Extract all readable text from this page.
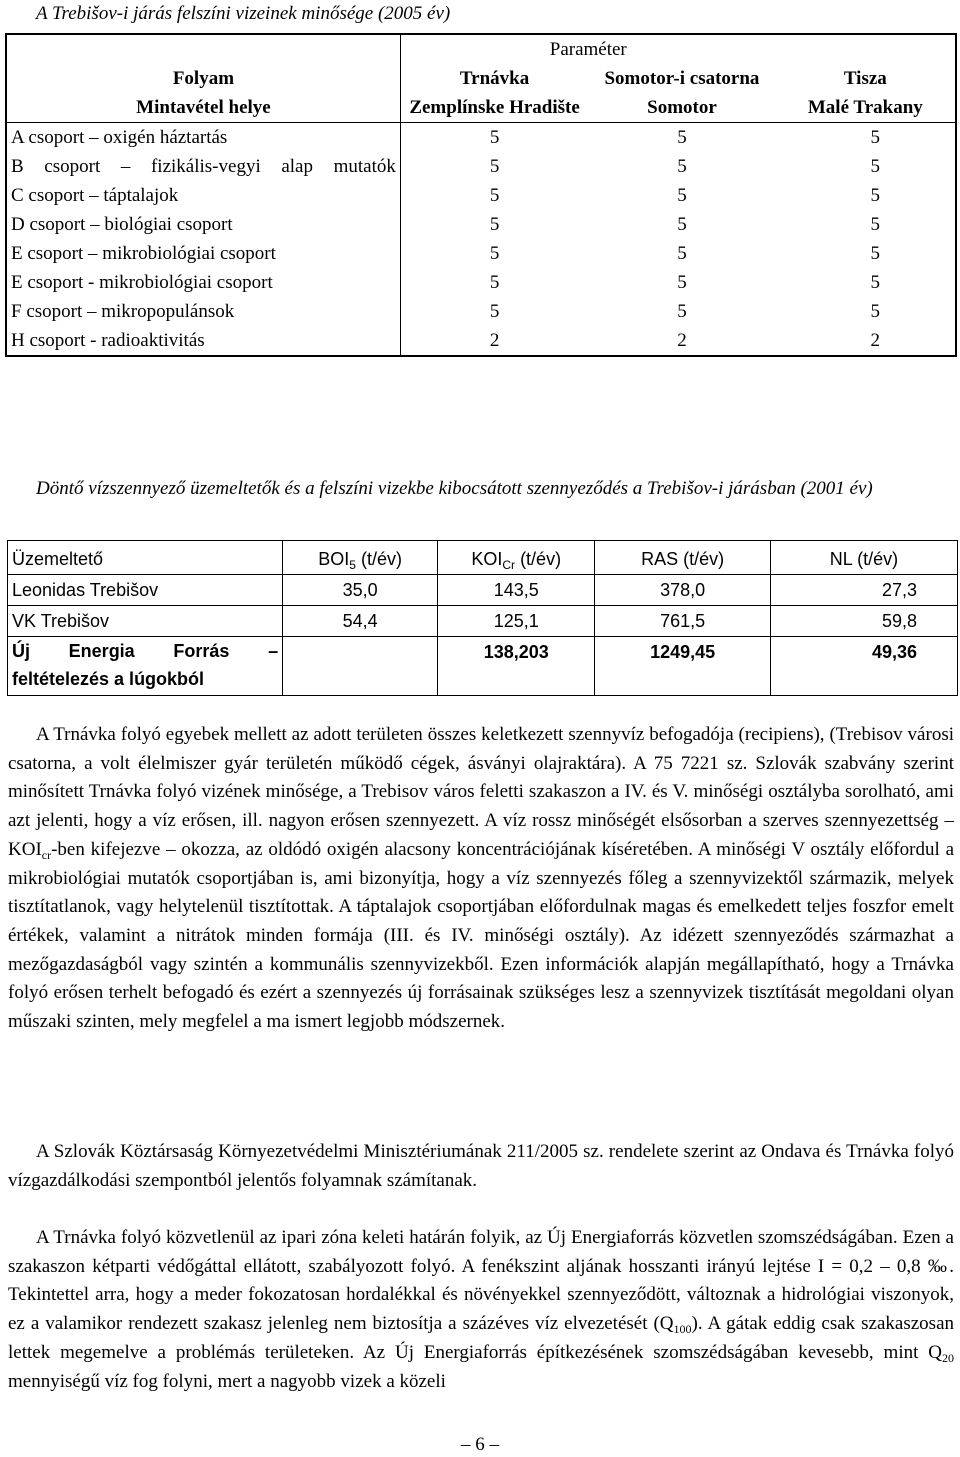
A Trebišov-i járás felszíni vizeinek minősége (2005 év)
	Paraméter		
Folyam	Trnávka	Somotor-i csatorna	Tisza
Mintavétel helye	Zemplínske Hradište	Somotor	Malé Trakany
A csoport – oxigén háztartás	5	5	5
B csoport – fizikális-vegyi alap mutatók	5	5	5
C csoport – táptalajok	5	5	5
D csoport – biológiai csoport	5	5	5
E csoport – mikrobiológiai csoport	5	5	5
E csoport - mikrobiológiai csoport	5	5	5
F csoport – mikropopulánsok	5	5	5
H csoport - radioaktivitás	2	2	2
Döntő vízszennyező üzemeltetők és a felszíni vizekbe kibocsátott szennyeződés a Trebišov-i járásban (2001 év)
Üzemeltető	$BOI_5$ (t/év)	$KOI_{Cr}$ (t/év)	RAS (t/év)	NL (t/év)
Leonidas Trebišov	35,0	143,5	378,0	27,3
VK Trebišov	54,4	125,1	761,5	59,8

Új Energia Forrás –
feltételezés a lúgokból		138,203	1249,45	49,36
A Trnávka folyó egyebek mellett az adott területen összes keletkezett szennyvíz befogadója (recipiens), (Trebisov városi csatorna, a volt élelmiszer gyár területén működő cégek, ásványi olajraktára). A 75 7221 sz. Szlovák szabvány szerint minősített Trnávka folyó vizének minősége, a Trebisov város feletti szakaszon a IV. és V. minőségi osztályba sorolható, ami azt jelenti, hogy a víz erősen, ill. nagyon erősen szennyezett. A víz rossz minőségét elsősorban a szerves szennyezettség – $KOI_{cr}$-ben kifejezve – okozza, az oldódó oxigén alacsony koncentrációjának kíséretében. A minőségi V osztály előfordul a mikrobiológiai mutatók csoportjában is, ami bizonyítja, hogy a víz szennyezés főleg a szennyvizektől származik, melyek tisztítatlanok, vagy helytelenül tisztítottak. A táptalajok csoportjában előfordulnak magas és emelkedett teljes foszfor emelt értékek, valamint a nitrátok minden formája (III. és IV. minőségi osztály). Az idézett szennyeződés származhat a mezőgazdaságból vagy szintén a kommunális szennyvizekből. Ezen információk alapján megállapítható, hogy a Trnávka folyó erősen terhelt befogadó és ezért a szennyezés új forrásainak szükséges lesz a szennyvizek tisztítását megoldani olyan műszaki szinten, mely megfelel a ma ismert legjobb módszernek.
A Szlovák Köztársaság Környezetvédelmi Minisztériumának 211/2005 sz. rendelete szerint az Ondava és Trnávka folyó vízgazdálkodási szempontból jelentős folyamnak számítanak.
A Trnávka folyó közvetlenül az ipari zóna keleti határán folyik, az Új Energiaforrás közvetlen szomszédságában. Ezen a szakaszon kétparti védőgáttal ellátott, szabályozott folyó. A fenékszint aljának hosszanti irányú lejtése I = 0,2 – 0,8 ‰. Tekintettel arra, hogy a meder fokozatosan hordalékkal és növényekkel szennyeződött, változnak a hidrológiai viszonyok, ez a valamikor rendezett szakasz jelenleg nem biztosítja a százéves víz elvezetését $(Q_{100})$. A gátak eddig csak szakaszosan lettek megemelve a problémás területeken. Az Új Energiaforrás építkezésének szomszédságában kevesebb, mint $Q_{20}$ mennyiségű víz fog folyni, mert a nagyobb vizek a közeli
– 6 –
